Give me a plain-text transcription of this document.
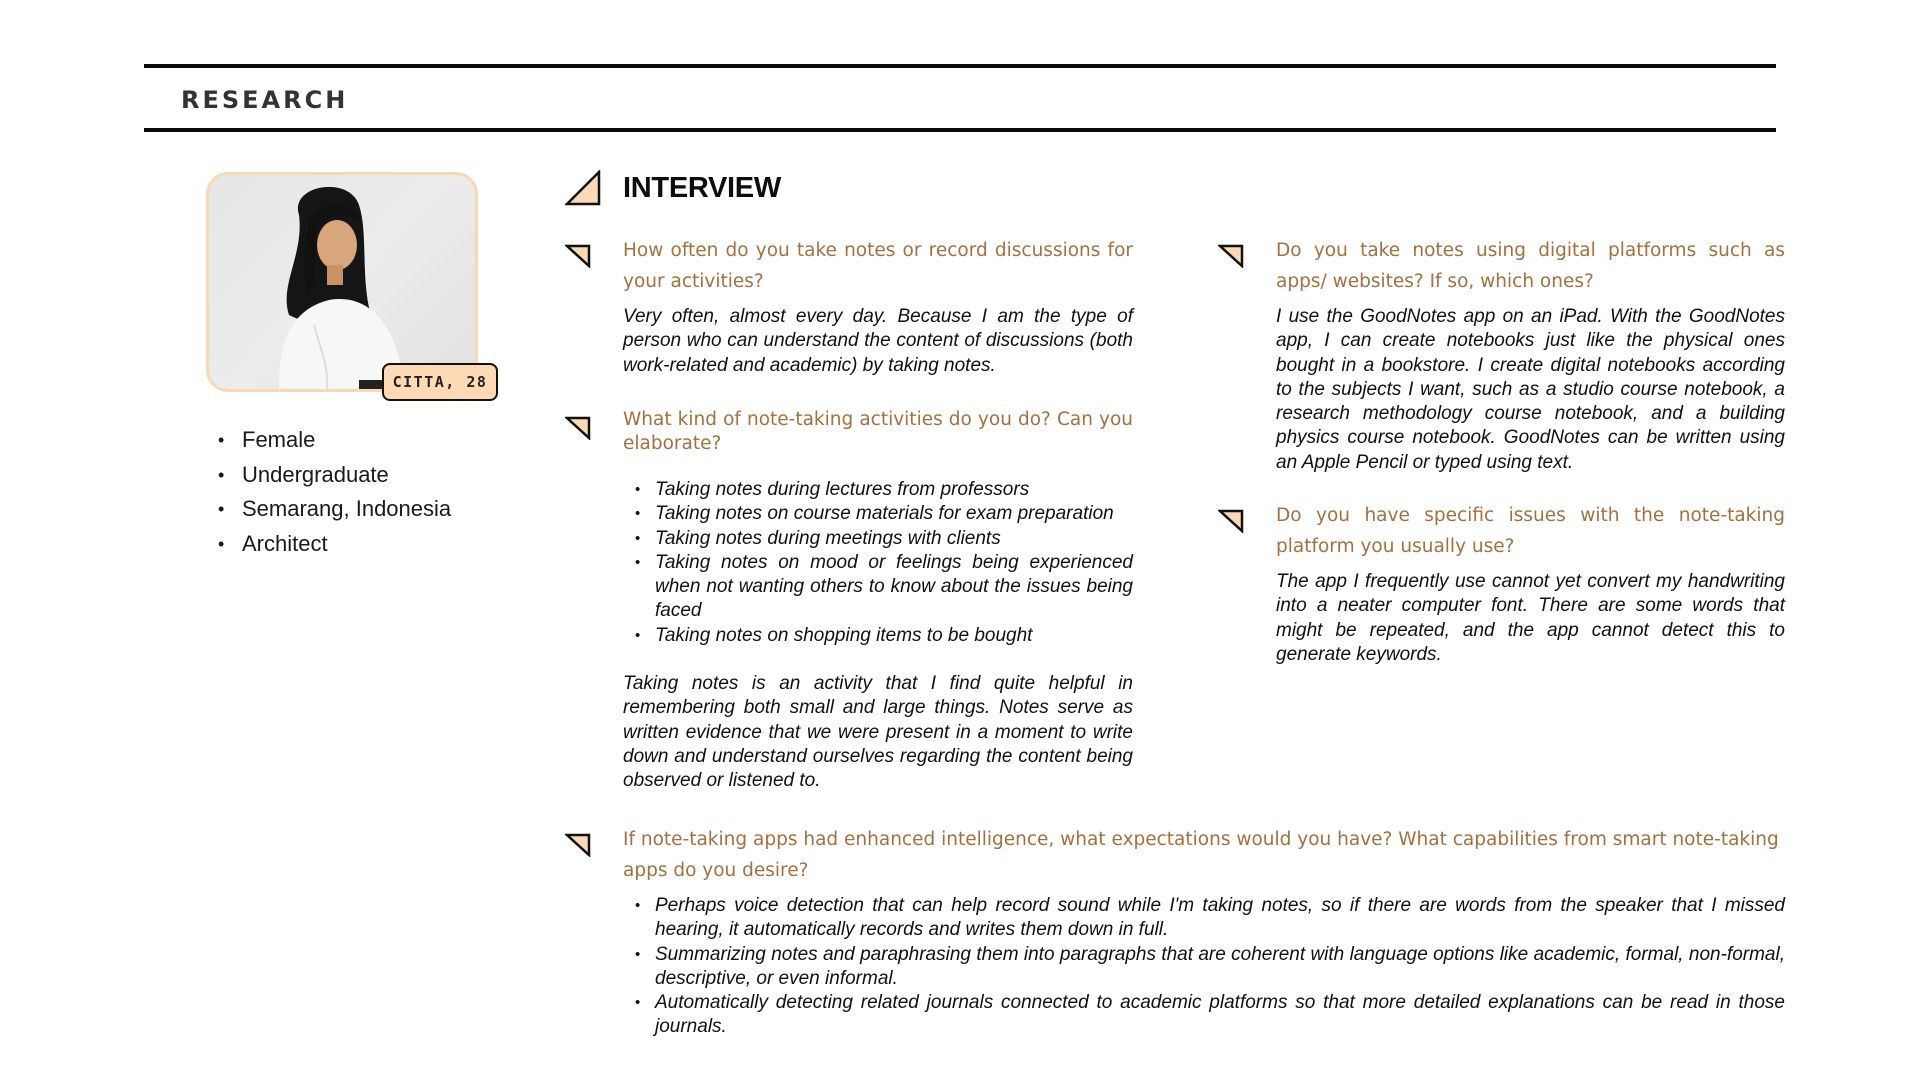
RESEARCH
CITTA, 28
• Female
• Undergraduate
• Semarang, Indonesia
• Architect
INTERVIEW
How often do you take notes or record discussions for your activities?
Very often, almost every day. Because I am the type of person who can understand the content of discussions (both work-related and academic) by taking notes.
What kind of note-taking activities do you do? Can you elaborate?
• Taking notes during lectures from professors
• Taking notes on course materials for exam preparation
• Taking notes during meetings with clients
• Taking notes on mood or feelings being experienced when not wanting others to know about the issues being faced
• Taking notes on shopping items to be bought
Taking notes is an activity that I find quite helpful in remembering both small and large things. Notes serve as written evidence that we were present in a moment to write down and understand ourselves regarding the content being observed or listened to.
Do you take notes using digital platforms such as apps/ websites? If so, which ones?
I use the GoodNotes app on an iPad. With the GoodNotes app, I can create notebooks just like the physical ones bought in a bookstore. I create digital notebooks according to the subjects I want, such as a studio course notebook, a research methodology course notebook, and a building physics course notebook. GoodNotes can be written using an Apple Pencil or typed using text.
Do you have specific issues with the note-taking platform you usually use?
The app I frequently use cannot yet convert my handwriting into a neater computer font. There are some words that might be repeated, and the app cannot detect this to generate keywords.
If note-taking apps had enhanced intelligence, what expectations would you have? What capabilities from smart note-taking apps do you desire?
• Perhaps voice detection that can help record sound while I'm taking notes, so if there are words from the speaker that I missed hearing, it automatically records and writes them down in full.
• Summarizing notes and paraphrasing them into paragraphs that are coherent with language options like academic, formal, non-formal, descriptive, or even informal.
• Automatically detecting related journals connected to academic platforms so that more detailed explanations can be read in those journals.
